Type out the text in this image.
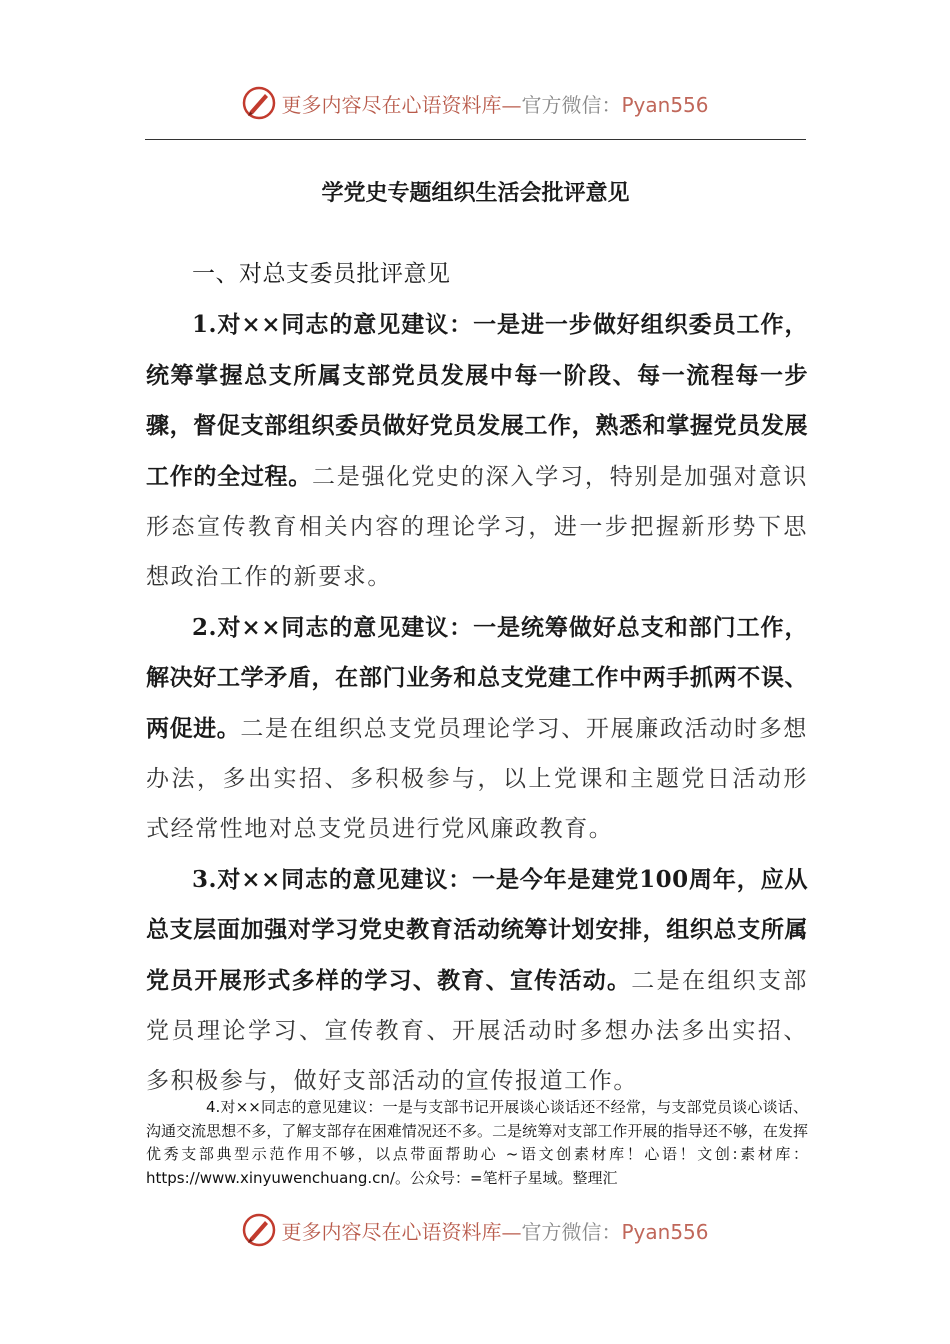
更多内容尽在心语资料库—官方微信：Pyan556
学党史专题组织生活会批评意见

一、对总支委员批评意见

1.对××同志的意见建议：一是进一步做好组织委员工作，统筹掌握总支所属支部党员发展中每一阶段、每一流程每一步骤，督促支部组织委员做好党员发展工作，熟悉和掌握党员发展工作的全过程。二是强化党史的深入学习，特别是加强对意识形态宣传教育相关内容的理论学习，进一步把握新形势下思想政治工作的新要求。

2.对××同志的意见建议：一是统筹做好总支和部门工作，解决好工学矛盾，在部门业务和总支党建工作中两手抓两不误、两促进。二是在组织总支党员理论学习、开展廉政活动时多想办法，多出实招、多积极参与，以上党课和主题党日活动形式经常性地对总支党员进行党风廉政教育。

3.对××同志的意见建议：一是今年是建党100周年，应从总支层面加强对学习党史教育活动统筹计划安排，组织总支所属党员开展形式多样的学习、教育、宣传活动。二是在组织支部党员理论学习、宣传教育、开展活动时多想办法多出实招、多积极参与，做好支部活动的宣传报道工作。

4.对××同志的意见建议：一是与支部书记开展谈心谈话还不经常，与支部党员谈心谈话、沟通交流思想不多，了解支部存在困难情况还不多。二是统筹对支部工作开展的指导还不够，在发挥优秀支部典型示范作用不够，以点带面帮助心 ~语文创素材库！心语！文创:素材库：https://www.xinyuwenchuang.cn/。公众号：=笔杆子星域。整理汇

更多内容尽在心语资料库—官方微信：Pyan556
